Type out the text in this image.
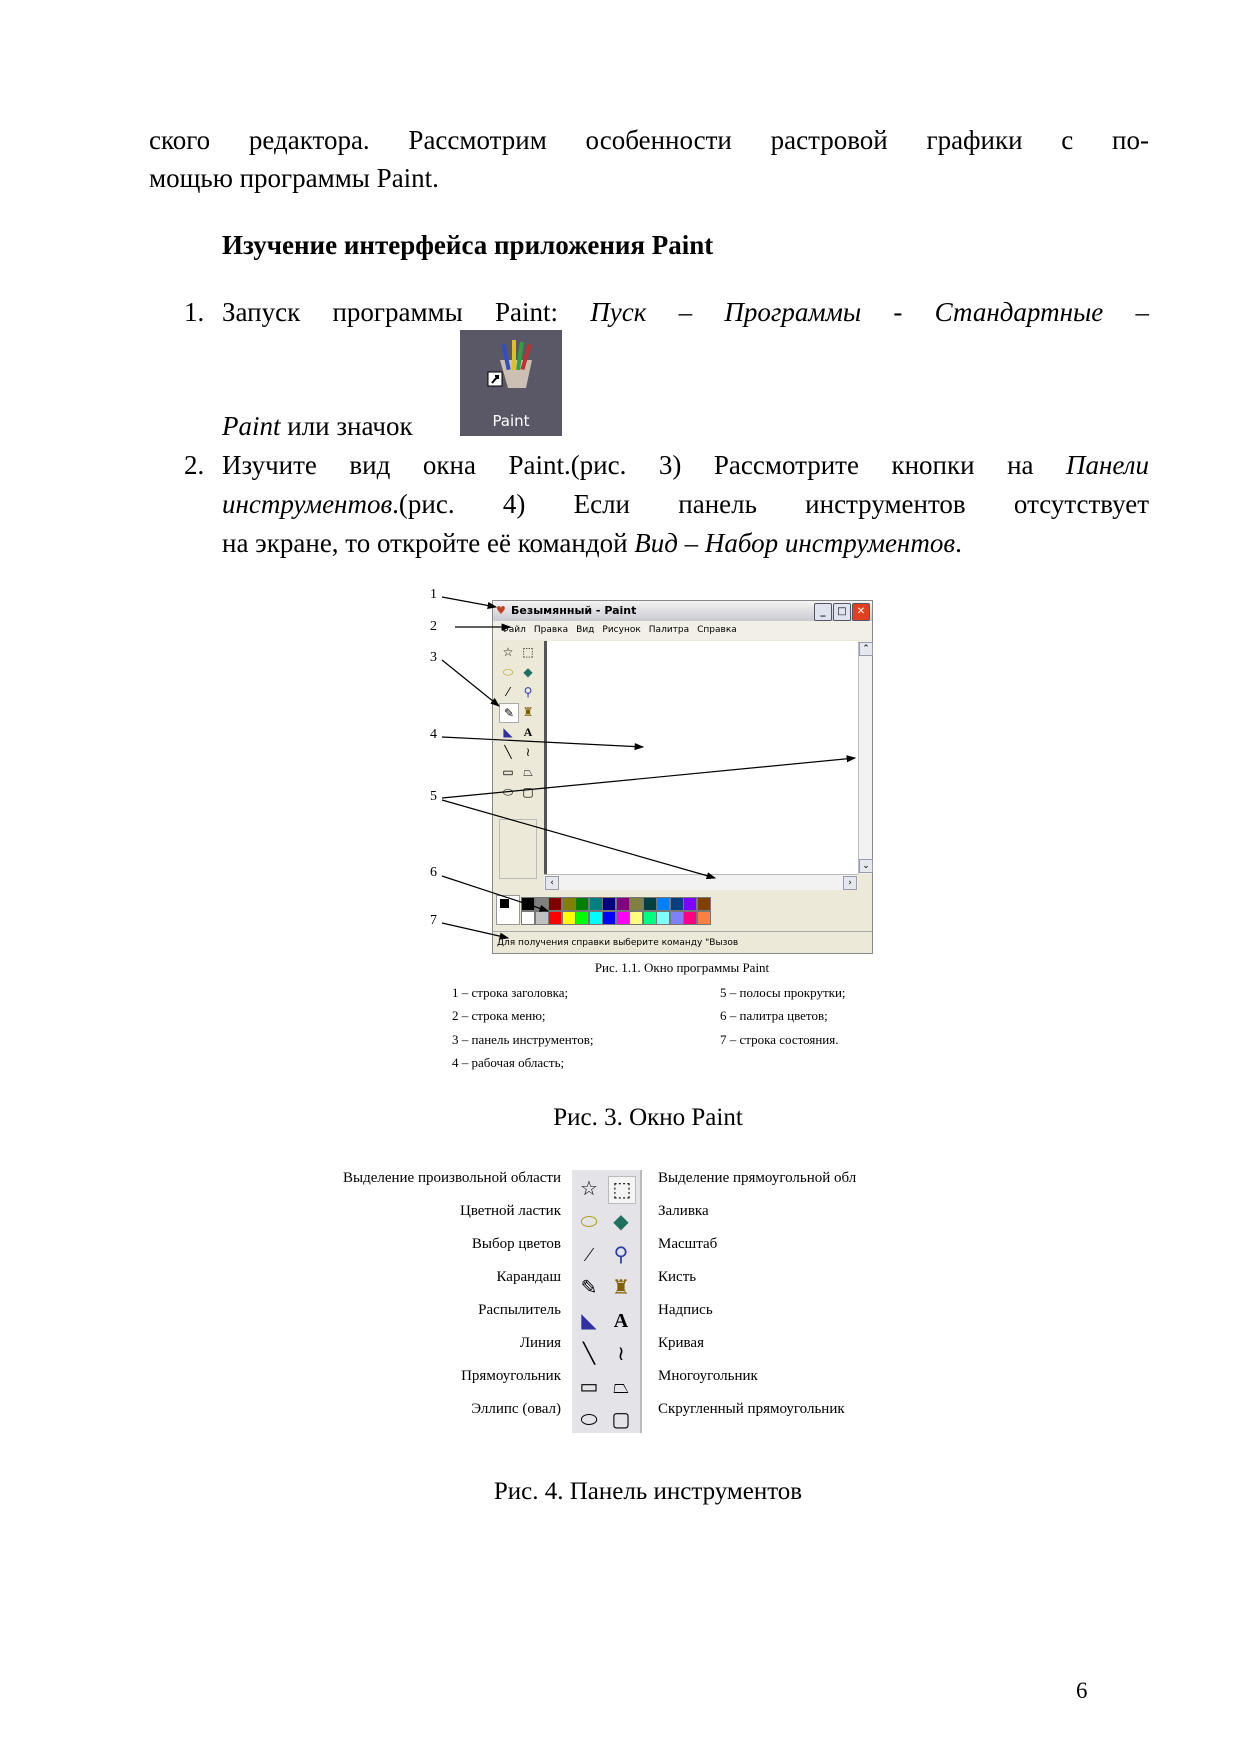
ского редактора. Рассмотрим особенности растровой графики с по-
мощью программы Paint.
Изучение интерфейса приложения Paint
1. Запуск программы Paint: Пуск – Программы - Стандартные –
Paint или значок	Paint
2. Изучите вид окна Paint.(рис. 3) Рассмотрите кнопки на Панели
инструментов.(рис. 4) Если панель инструментов отсутствует
на экране, то откройте её командой Вид – Набор инструментов.
♥ Безымянный - Paint	_	□	✕
Файл Правка Вид Рисунок Палитра Справка
☆ ⬚
⬭ ◆
⁄	⚲
✎ ♜
◣ A
╲	≀
▭ ⏢
⬭ ▢
⌃
⌄
‹	›
Для получения справки выберите команду "Вызов
1
2
3
4
5
6
7
Рис. 1.1. Окно программы Paint
1 – строка заголовка;
2 – строка меню;
3 – панель инструментов;
4 – рабочая область;
5 – полосы прокрутки;
6 – палитра цветов;
7 – строка состояния.
Рис. 3. Окно Paint
☆ ⬚
⬭ ◆
⁄	⚲
✎ ♜
◣ A
╲	≀
▭ ⏢
⬭ ▢
Выделение произвольной области
Цветной ластик
Выбор цветов
Карандаш
Распылитель
Линия
Прямоугольник
Эллипс (овал)
Выделение прямоугольной обл
Заливка
Масштаб
Кисть
Надпись
Кривая
Многоугольник
Скругленный прямоугольник
Рис. 4. Панель инструментов
6
